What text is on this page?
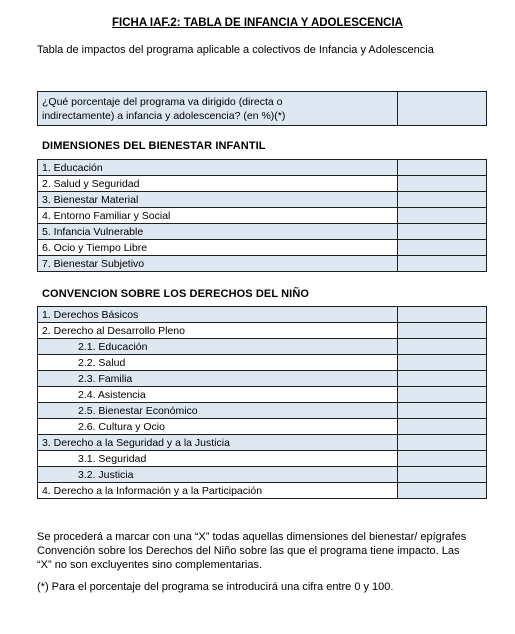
FICHA IAF.2: TABLA DE INFANCIA Y ADOLESCENCIA
Tabla de impactos del programa aplicable a colectivos de Infancia y Adolescencia
¿Qué porcentaje del programa va dirigido (directa o
indirectamente) a infancia y adolescencia? (en %)(*)

DIMENSIONES DEL BIENESTAR INFANTIL
1. Educación	
2. Salud y Seguridad	
3. Bienestar Material	
4. Entorno Familiar y Social	
5. Infancia Vulnerable	
6. Ocio y Tiempo Libre	
7. Bienestar Subjetivo	
CONVENCION SOBRE LOS DERECHOS DEL NIÑO
1. Derechos Básicos	
2. Derecho al Desarrollo Pleno	
2.1. Educación	
2.2. Salud	
2.3. Familia	
2.4. Asistencia	
2.5. Bienestar Económico	
2.6. Cultura y Ocio	
3. Derecho a la Seguridad y a la Justicia	
3.1. Seguridad	
3.2. Justicia	
4. Derecho a la Información y a la Participación	
Se procederá a marcar con una “X” todas aquellas dimensiones del bienestar/ epígrafes
Convención sobre los Derechos del Niño sobre las que el programa tiene impacto. Las
“X” no son excluyentes sino complementarias.
(*) Para el porcentaje del programa se introducirá una cifra entre 0 y 100.
